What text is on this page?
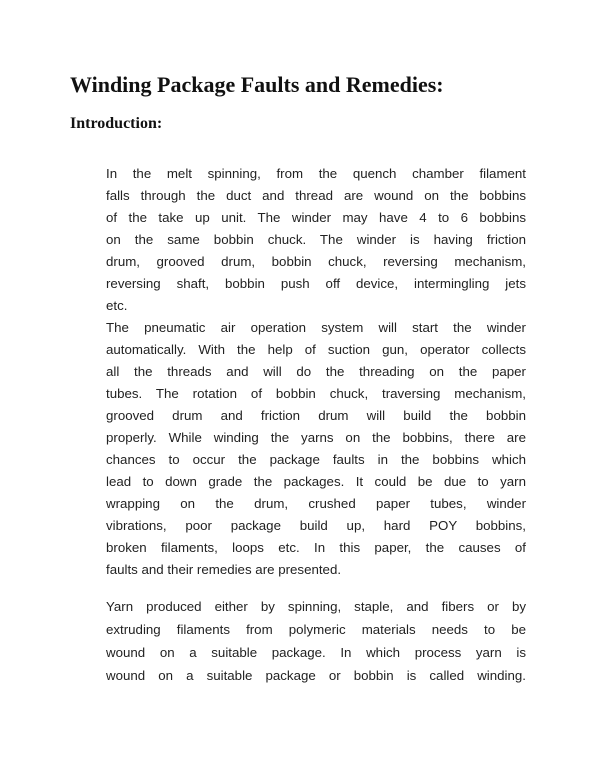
Winding Package Faults and Remedies:
Introduction:

In the melt spinning, from the quench chamber filament

falls through the duct and thread are wound on the bobbins

of the take up unit. The winder may have 4 to 6 bobbins

on the same bobbin chuck. The winder is having friction

drum, grooved drum, bobbin chuck, reversing mechanism,

reversing shaft, bobbin push off device, intermingling jets

etc.

The pneumatic air operation system will start the winder

automatically. With the help of suction gun, operator collects

all the threads and will do the threading on the paper

tubes. The rotation of bobbin chuck, traversing mechanism,

grooved drum and friction drum will build the bobbin

properly. While winding the yarns on the bobbins, there are

chances to occur the package faults in the bobbins which

lead to down grade the packages. It could be due to yarn

wrapping on the drum, crushed paper tubes, winder

vibrations, poor package build up, hard POY bobbins,

broken filaments, loops etc. In this paper, the causes of

faults and their remedies are presented.

Yarn produced either by spinning, staple, and fibers or by

extruding filaments from polymeric materials needs to be

wound on a suitable package. In which process yarn is

wound on a suitable package or bobbin is called winding.
